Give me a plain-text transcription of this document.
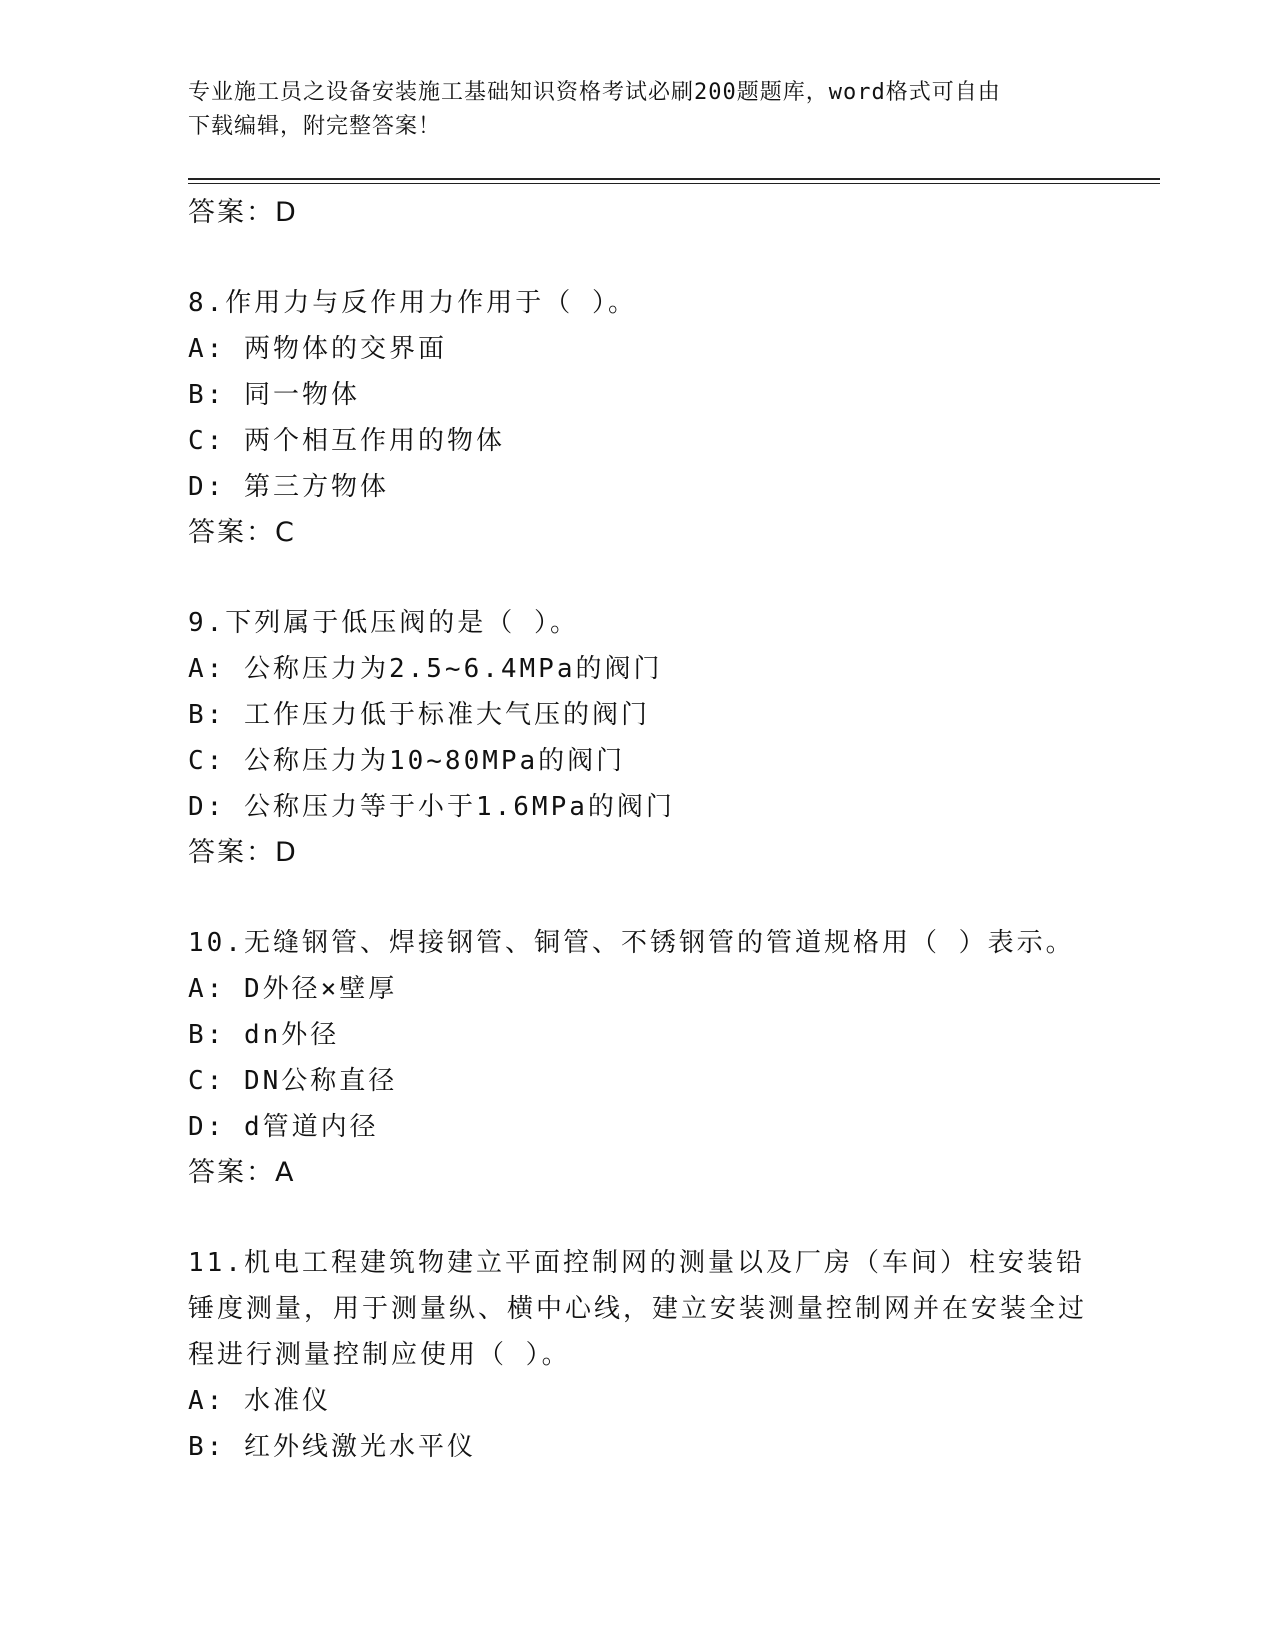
专业施工员之设备安装施工基础知识资格考试必刷200题题库，word格式可自由
下载编辑，附完整答案！
答案：D
8.作用力与反作用力作用于（ ）。
A: 两物体的交界面
B: 同一物体
C: 两个相互作用的物体
D: 第三方物体
答案：C
9.下列属于低压阀的是（ ）。
A: 公称压力为2.5~6.4MPa的阀门
B: 工作压力低于标准大气压的阀门
C: 公称压力为10~80MPa的阀门
D: 公称压力等于小于1.6MPa的阀门
答案：D
10.无缝钢管、焊接钢管、铜管、不锈钢管的管道规格用（ ）表示。
A: D外径×壁厚
B: dn外径
C: DN公称直径
D: d管道内径
答案：A
11.机电工程建筑物建立平面控制网的测量以及厂房（车间）柱安装铅锤度测量，用于测量纵、横中心线，建立安装测量控制网并在安装全过程进行测量控制应使用（ ）。
A: 水准仪
B: 红外线激光水平仪
